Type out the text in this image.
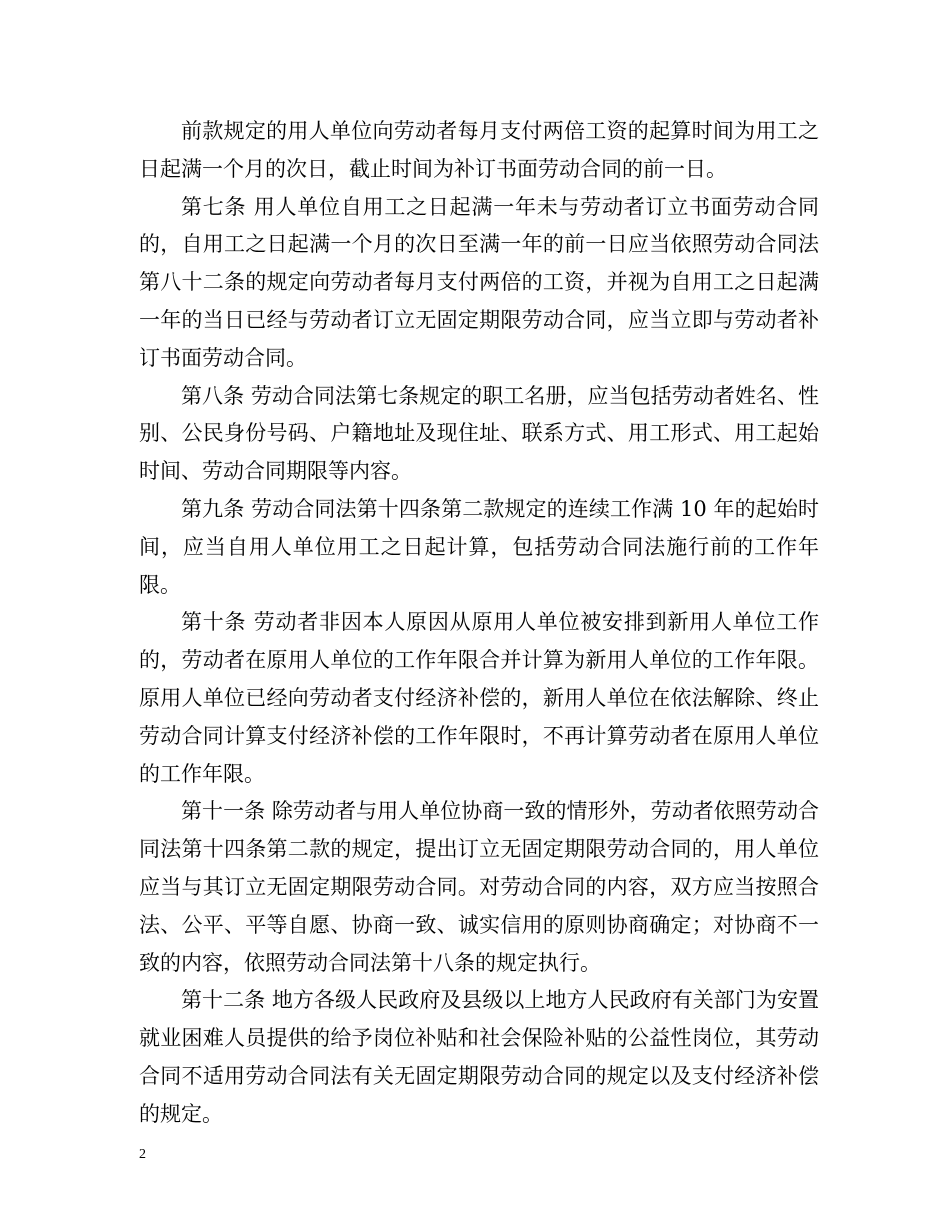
前款规定的用人单位向劳动者每月支付两倍工资的起算时间为用工之日起满一个月的次日，截止时间为补订书面劳动合同的前一日。

第七条 用人单位自用工之日起满一年未与劳动者订立书面劳动合同的，自用工之日起满一个月的次日至满一年的前一日应当依照劳动合同法第八十二条的规定向劳动者每月支付两倍的工资，并视为自用工之日起满一年的当日已经与劳动者订立无固定期限劳动合同，应当立即与劳动者补订书面劳动合同。

第八条 劳动合同法第七条规定的职工名册，应当包括劳动者姓名、性别、公民身份号码、户籍地址及现住址、联系方式、用工形式、用工起始时间、劳动合同期限等内容。

第九条 劳动合同法第十四条第二款规定的连续工作满 10 年的起始时间，应当自用人单位用工之日起计算，包括劳动合同法施行前的工作年限。

第十条 劳动者非因本人原因从原用人单位被安排到新用人单位工作的，劳动者在原用人单位的工作年限合并计算为新用人单位的工作年限。原用人单位已经向劳动者支付经济补偿的，新用人单位在依法解除、终止劳动合同计算支付经济补偿的工作年限时，不再计算劳动者在原用人单位的工作年限。

第十一条 除劳动者与用人单位协商一致的情形外，劳动者依照劳动合同法第十四条第二款的规定，提出订立无固定期限劳动合同的，用人单位应当与其订立无固定期限劳动合同。对劳动合同的内容，双方应当按照合法、公平、平等自愿、协商一致、诚实信用的原则协商确定；对协商不一致的内容，依照劳动合同法第十八条的规定执行。

第十二条 地方各级人民政府及县级以上地方人民政府有关部门为安置就业困难人员提供的给予岗位补贴和社会保险补贴的公益性岗位，其劳动合同不适用劳动合同法有关无固定期限劳动合同的规定以及支付经济补偿的规定。

2
